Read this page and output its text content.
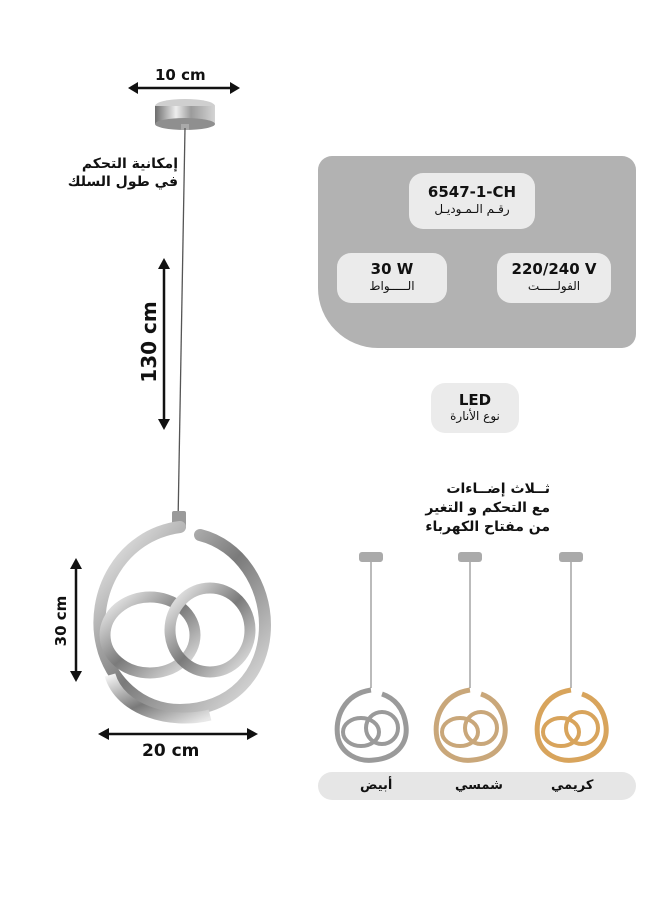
10 cm
إمكانية التحكم
في طول السلك
130 cm
30 cm
20 cm
6547-1-CH
رقـم الـمـوديـل
30 W
الـــــواط
220/240 V
الفولـــــت
LED
نوع الأنارة
ثــلاث إضــاءات
مع التحكم و التغير
من مفتاح الكهرباء
أبيض	شمسي	كريمي
